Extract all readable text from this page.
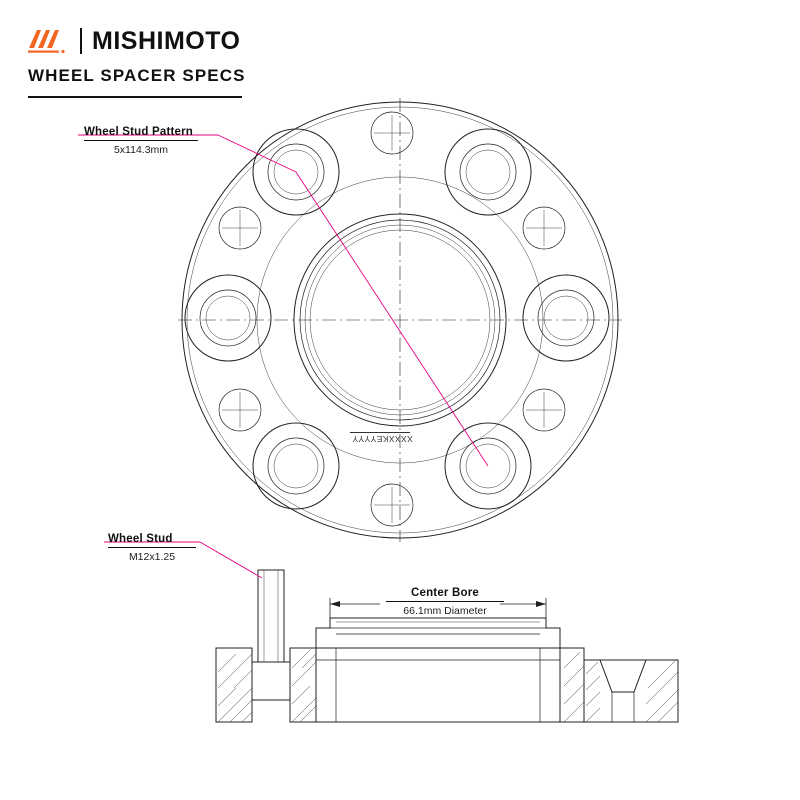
MISHIMOTO
WHEEL SPACER SPECS
Wheel Stud Pattern
5x114.3mm
Wheel Stud
M12x1.25
Center Bore
66.1mm Diameter
XXXXKEYYYY
